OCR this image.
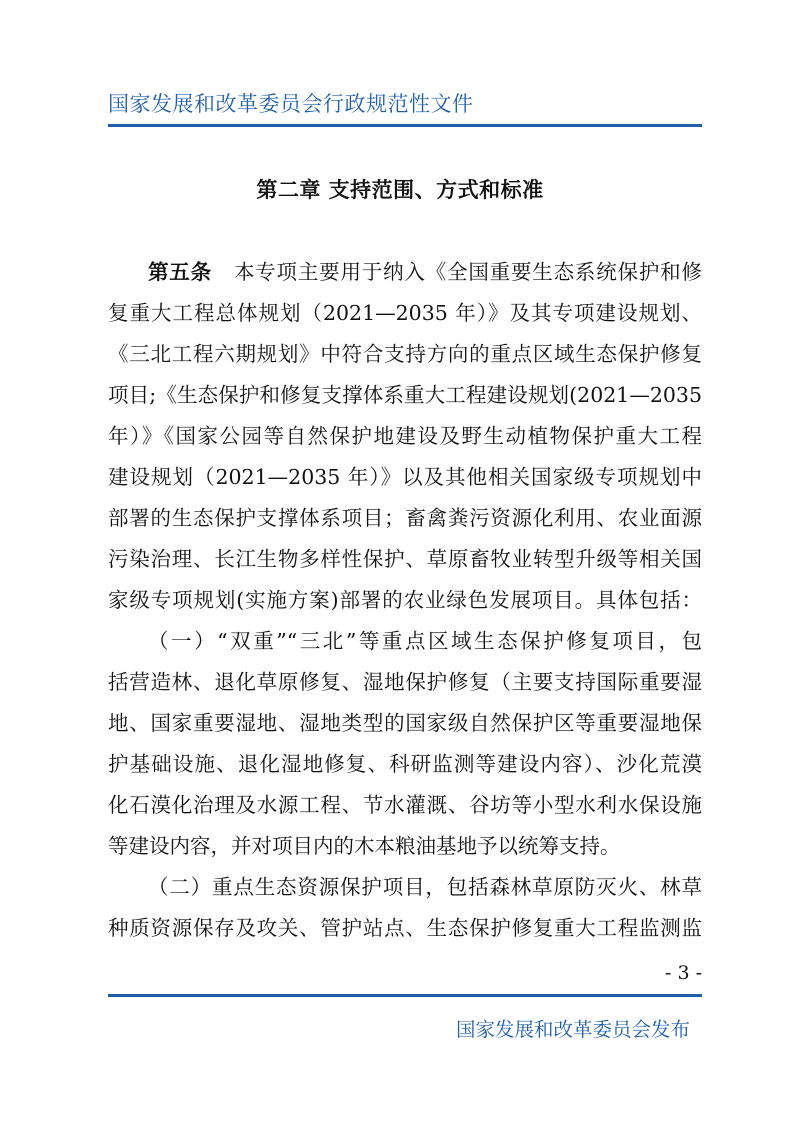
国家发展和改革委员会行政规范性文件
第二章 支持范围、方式和标准
第五条 本专项主要用于纳入《全国重要生态系统保护和修
复重大工程总体规划（2021—2035 年）》及其专项建设规划、
《三北工程六期规划》中符合支持方向的重点区域生态保护修复
项目;《生态保护和修复支撑体系重大工程建设规划(2021—2035
年）》《国家公园等自然保护地建设及野生动植物保护重大工程
建设规划（2021—2035 年）》以及其他相关国家级专项规划中
部署的生态保护支撑体系项目；畜禽粪污资源化利用、农业面源
污染治理、长江生物多样性保护、草原畜牧业转型升级等相关国
家级专项规划(实施方案)部署的农业绿色发展项目。具体包括：
（一）“双重”“三北”等重点区域生态保护修复项目，包
括营造林、退化草原修复、湿地保护修复（主要支持国际重要湿
地、国家重要湿地、湿地类型的国家级自然保护区等重要湿地保
护基础设施、退化湿地修复、科研监测等建设内容）、沙化荒漠
化石漠化治理及水源工程、节水灌溉、谷坊等小型水利水保设施
等建设内容，并对项目内的木本粮油基地予以统筹支持。
（二）重点生态资源保护项目，包括森林草原防灭火、林草
种质资源保存及攻关、管护站点、生态保护修复重大工程监测监
- 3 -
国家发展和改革委员会发布
